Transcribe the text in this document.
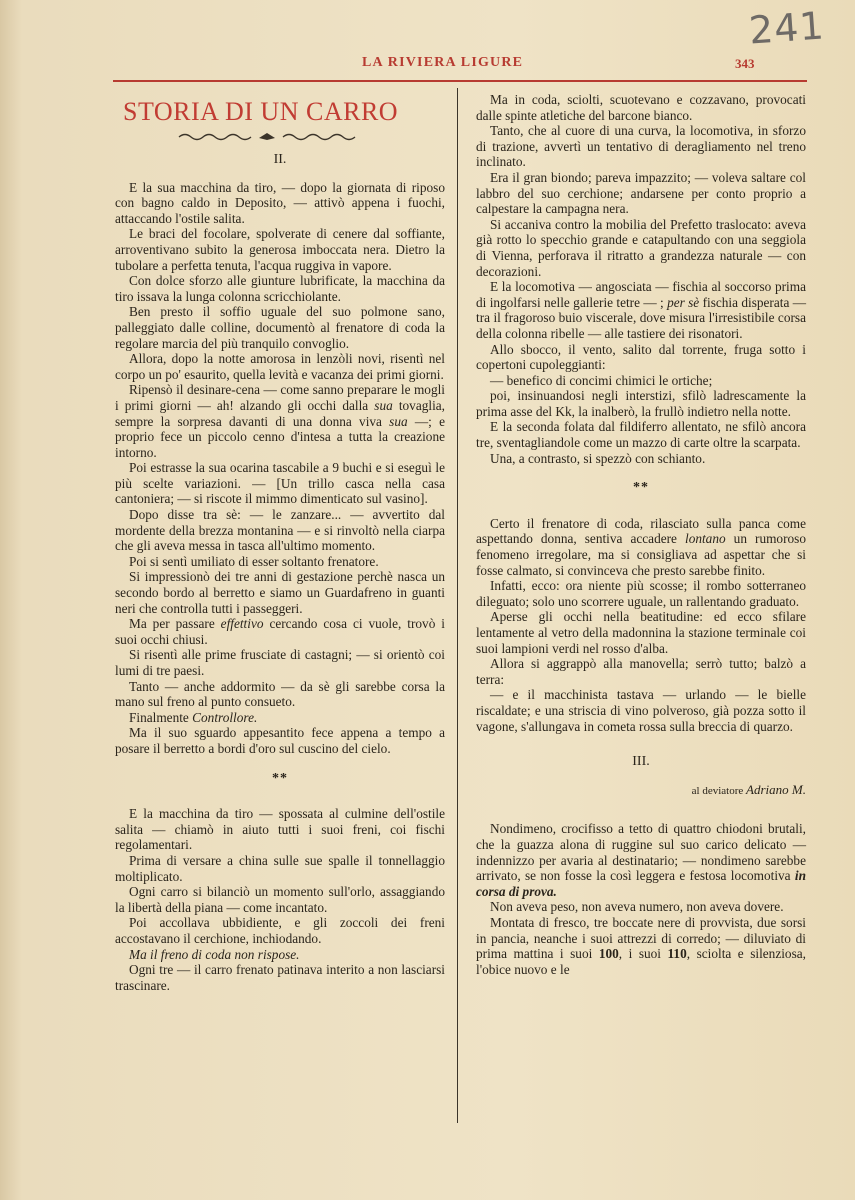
241
LA RIVIERA LIGURE	343
STORIA DI UN CARRO
II.

E la sua macchina da tiro, — dopo la giornata di riposo con bagno caldo in Deposito, — attivò appena i fuochi, attaccando l'ostile salita.

Le braci del focolare, spolverate di cenere dal soffiante, arroventivano subito la generosa imboccata nera. Dietro la tubolare a perfetta tenuta, l'acqua ruggiva in vapore.

Con dolce sforzo alle giunture lubrificate, la macchina da tiro issava la lunga colonna scricchiolante.

Ben presto il soffio uguale del suo polmone sano, palleggiato dalle colline, documentò al frenatore di coda la regolare marcia del più tranquilo convoglio.

Allora, dopo la notte amorosa in lenzòli novi, risentì nel corpo un po' esaurito, quella levità e vacanza dei primi giorni.

Ripensò il desinare-cena — come sanno preparare le mogli i primi giorni — ah! alzando gli occhi dalla sua tovaglia, sempre la sorpresa davanti di una donna viva sua —; e proprio fece un piccolo cenno d'intesa a tutta la creazione intorno.

Poi estrasse la sua ocarina tascabile a 9 buchi e si eseguì le più scelte variazioni. — [Un trillo casca nella casa cantoniera; — si riscote il mimmo dimenticato sul vasino].

Dopo disse tra sè: — le zanzare... — avvertito dal mordente della brezza montanina — e si rinvoltò nella ciarpa che gli aveva messa in tasca all'ultimo momento.

Poi si sentì umiliato di esser soltanto frenatore.

Si impressionò dei tre anni di gestazione perchè nasca un secondo bordo al berretto e siamo un Guardafreno in guanti neri che controlla tutti i passeggeri.

Ma per passare effettivo cercando cosa ci vuole, trovò i suoi occhi chiusi.

Si risentì alle prime frusciate di castagni; — si orientò coi lumi di tre paesi.

Tanto — anche addormito — da sè gli sarebbe corsa la mano sul freno al punto consueto.

Finalmente Controllore.

Ma il suo sguardo appesantito fece appena a tempo a posare il berretto a bordi d'oro sul cuscino del cielo.

**

E la macchina da tiro — spossata al culmine dell'ostile salita — chiamò in aiuto tutti i suoi freni, coi fischi regolamentari.

Prima di versare a china sulle sue spalle il tonnellaggio moltiplicato.

Ogni carro si bilanciò un momento sull'orlo, assaggiando la libertà della piana — come incantato.

Poi accollava ubbidiente, e gli zoccoli dei freni accostavano il cerchione, inchiodando.

Ma il freno di coda non rispose.

Ogni tre — il carro frenato patinava interito a non lasciarsi trascinare.

Ma in coda, sciolti, scuotevano e cozzavano, provocati dalle spinte atletiche del barcone bianco.

Tanto, che al cuore di una curva, la locomotiva, in sforzo di trazione, avvertì un tentativo di deragliamento nel treno inclinato.

Era il gran biondo; pareva impazzito; — voleva saltare col labbro del suo cerchione; andarsene per conto proprio a calpestare la campagna nera.

Si accaniva contro la mobilia del Prefetto traslocato: aveva già rotto lo specchio grande e catapultando con una seggiola di Vienna, perforava il ritratto a grandezza naturale — con decorazioni.

E la locomotiva — angosciata — fischia al soccorso prima di ingolfarsi nelle gallerie tetre — ; per sè fischia disperata — tra il fragoroso buio viscerale, dove misura l'irresistibile corsa della colonna ribelle — alle tastiere dei risonatori.

Allo sbocco, il vento, salito dal torrente, fruga sotto i copertoni cupoleggianti:

— benefico di concimi chimici le ortiche;

poi, insinuandosi negli interstizi, sfilò ladrescamente la prima asse del Kk, la inalberò, la frullò indietro nella notte.

E la seconda folata dal fildiferro allentato, ne sfilò ancora tre, sventagliandole come un mazzo di carte oltre la scarpata.

Una, a contrasto, si spezzò con schianto.

**

Certo il frenatore di coda, rilasciato sulla panca come aspettando donna, sentiva accadere lontano un rumoroso fenomeno irregolare, ma si consigliava ad aspettar che si fosse calmato, si convinceva che presto sarebbe finito.

Infatti, ecco: ora niente più scosse; il rombo sotterraneo dileguato; solo uno scorrere uguale, un rallentando graduato.

Aperse gli occhi nella beatitudine: ed ecco sfilare lentamente al vetro della madonnina la stazione terminale coi suoi lampioni verdi nel rosso d'alba.

Allora si aggrappò alla manovella; serrò tutto; balzò a terra:

— e il macchinista tastava — urlando — le bielle riscaldate; e una striscia di vino polveroso, già pozza sotto il vagone, s'allungava in cometa rossa sulla breccia di quarzo.

III.
al deviatore Adriano M.

Nondimeno, crocifisso a tetto di quattro chiodoni brutali, che la guazza alona di ruggine sul suo carico delicato — indennizzo per avaria al destinatario; — nondimeno sarebbe arrivato, se non fosse la così leggera e festosa locomotiva in corsa di prova.

Non aveva peso, non aveva numero, non aveva dovere.

Montata di fresco, tre boccate nere di provvista, due sorsi in pancia, neanche i suoi attrezzi di corredo; — diluviato di prima mattina i suoi 100, i suoi 110, sciolta e silenziosa, l'obice nuovo e le
